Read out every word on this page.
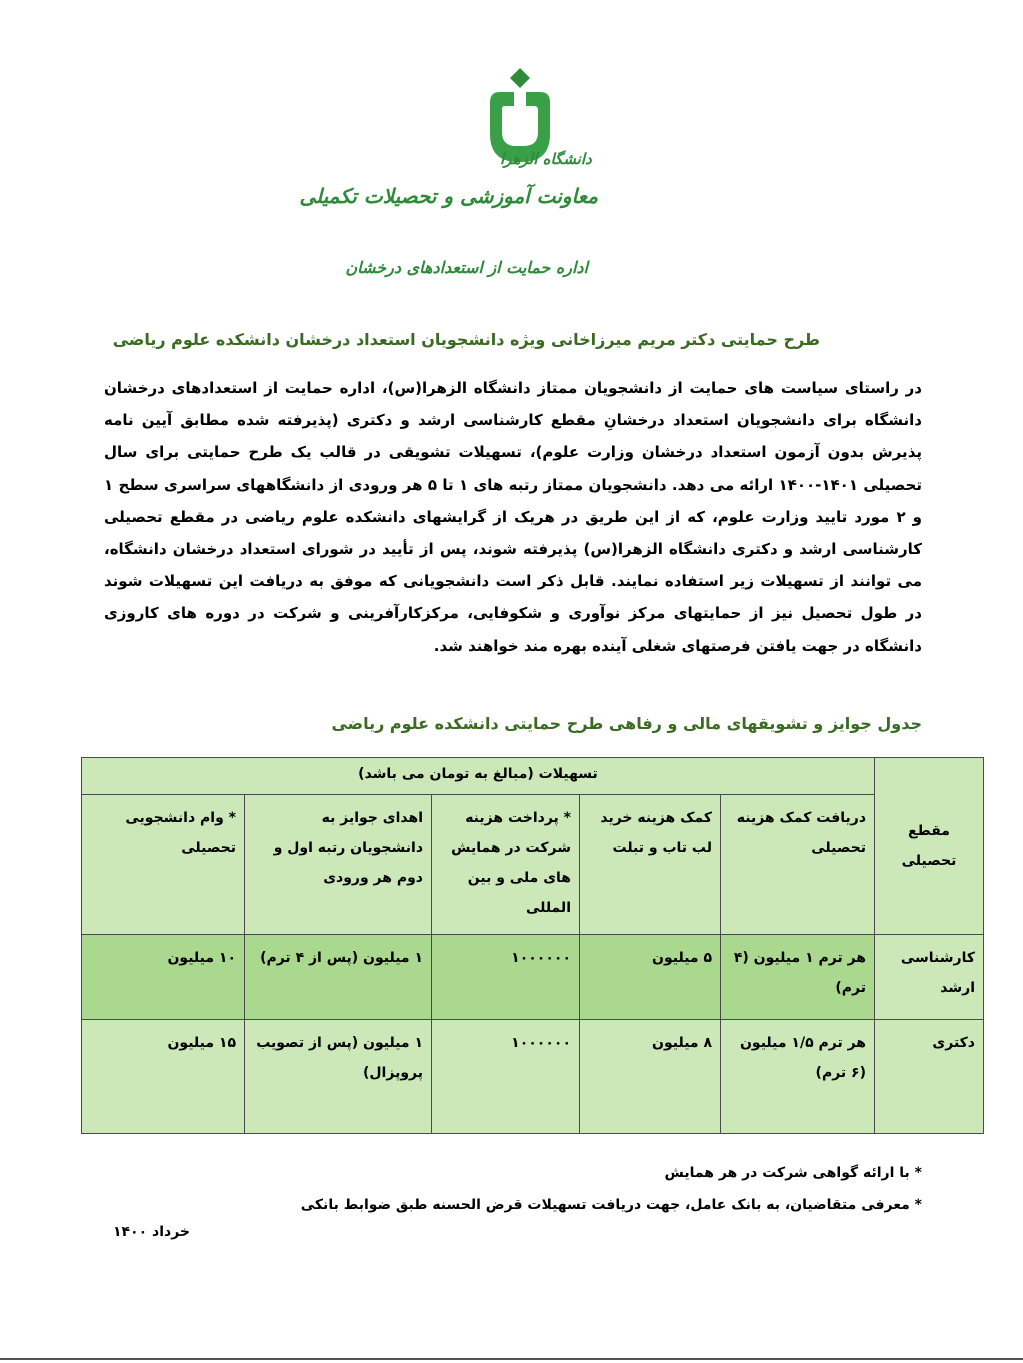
دانشگاه الزهرا
معاونت آموزشی و تحصیلات تکمیلی
اداره حمایت از استعدادهای درخشان
طرح حمایتی دکتر مریم میرزاخانی ویژه دانشجویان استعداد درخشان دانشکده علوم ریاضی
در راستای سیاست های حمایت از دانشجویان ممتاز دانشگاه الزهرا(س)، اداره حمایت از استعدادهای درخشان دانشگاه برای دانشجویان استعداد درخشانِ مقطع کارشناسی ارشد و دکتری (پذیرفته شده مطابق آیین نامه پذیرش بدون آزمون استعداد درخشان وزارت علوم)، تسهیلات تشویقی در قالب یک طرح حمایتی برای سال تحصیلی ۱۴۰۱-۱۴۰۰ ارائه می دهد. دانشجویان ممتاز رتبه های ۱ تا ۵ هر ورودی از دانشگاههای سراسری سطح ۱ و ۲ مورد تایید وزارت علوم، که از این طریق در هریک از گرایشهای دانشکده علوم ریاضی در مقطع تحصیلی کارشناسی ارشد و دکتری دانشگاه الزهرا(س) پذیرفته شوند، پس از تأیید در شورای استعداد درخشان دانشگاه، می توانند از تسهیلات زیر استفاده نمایند. قابل ذکر است دانشجویانی که موفق به دریافت این تسهیلات شوند در طول تحصیل نیز از حمایتهای مرکز نوآوری و شکوفایی، مرکزکارآفرینی و شرکت در دوره های کاروزی دانشگاه در جهت یافتن فرصتهای شغلی آینده بهره مند خواهند شد.
جدول جوایز و تشویقهای مالی و رفاهی طرح حمایتی دانشکده علوم ریاضی
مقطع تحصیلی	تسهیلات (مبالغ به تومان می باشد)				
	دریافت کمک هزینه تحصیلی	کمک هزینه خرید لب تاب و تبلت	* پرداخت هزینه شرکت در همایش های ملی و بین المللی	اهدای جوایز به دانشجویان رتبه اول و دوم هر ورودی	* وام دانشجویی تحصیلی
کارشناسی ارشد	هر ترم ۱ میلیون (۴ ترم)	۵ میلیون	۱۰۰۰۰۰۰	۱ میلیون (پس از ۴ ترم)	۱۰ میلیون
دکتری	هر ترم ۱/۵ میلیون (۶ ترم)	۸ میلیون	۱۰۰۰۰۰۰	۱ میلیون (پس از تصویب پروپزال)	۱۵ میلیون
* با ارائه گواهی شرکت در هر همایش
* معرفی متقاضیان، به بانک عامل، جهت دریافت تسهیلات قرض الحسنه طبق ضوابط بانکی
خرداد ۱۴۰۰
